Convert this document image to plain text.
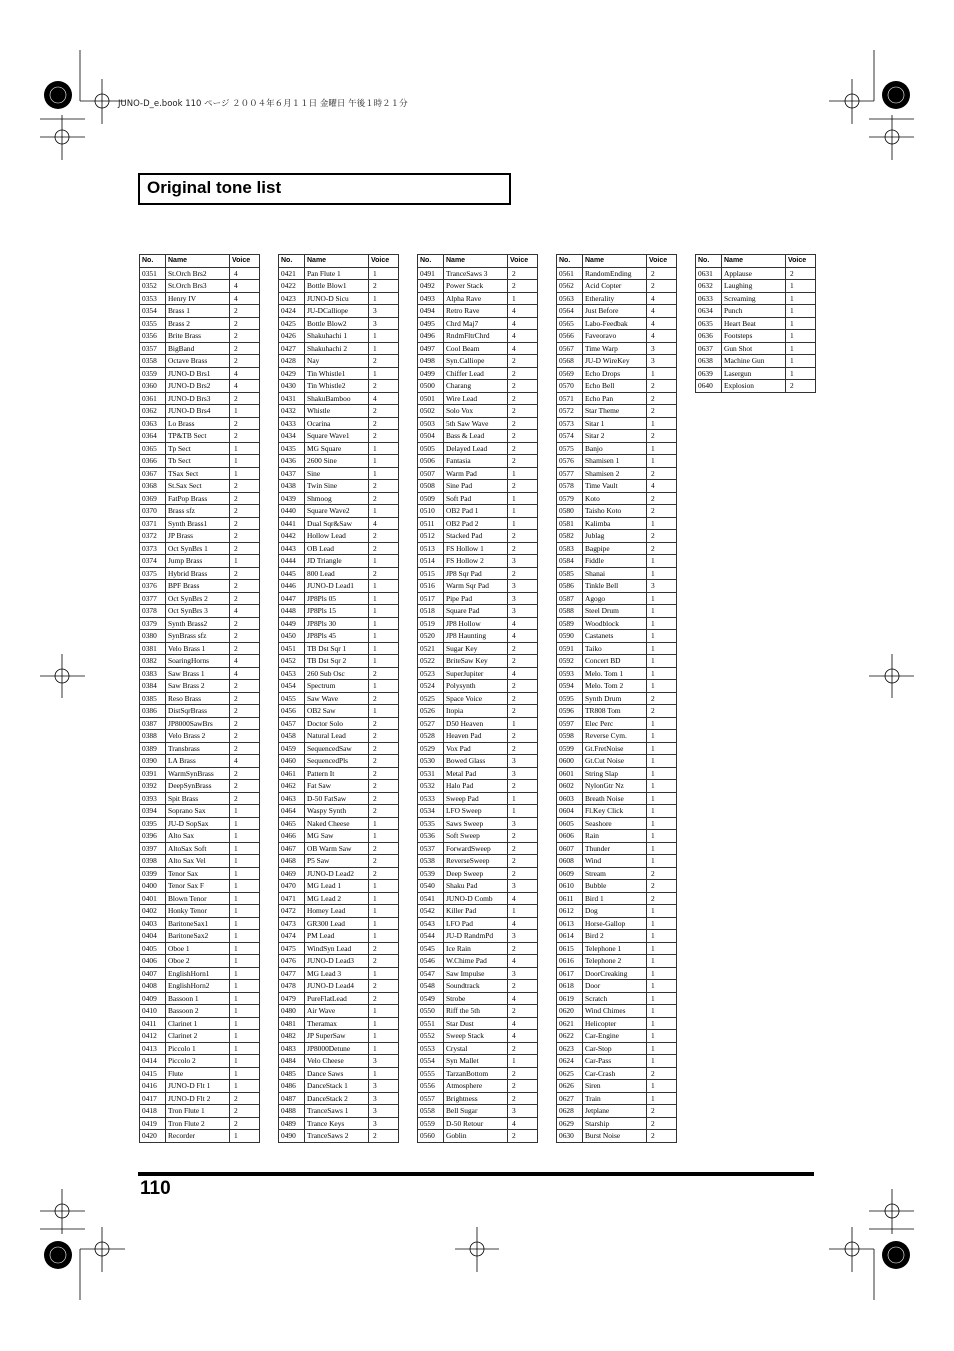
JUNO-D_e.book 110 ページ ２００４年６月１１日 金曜日 午後１時２１分
Original tone list
No.	Name	Voice
0351	St.Orch Brs2	4
0352	St.Orch Brs3	4
0353	Henry IV	4
0354	Brass 1	2
0355	Brass 2	2
0356	Brite Brass	2
0357	BigBand	2
0358	Octave Brass	2
0359	JUNO-D Brs1	4
0360	JUNO-D Brs2	4
0361	JUNO-D Brs3	2
0362	JUNO-D Brs4	1
0363	Lo Brass	2
0364	TP&TB Sect	2
0365	Tp Sect	1
0366	Tb Sect	1
0367	TSax Sect	1
0368	St.Sax Sect	2
0369	FatPop Brass	2
0370	Brass sfz	2
0371	Synth Brass1	2
0372	JP Brass	2
0373	Oct SynBrs 1	2
0374	Jump Brass	1
0375	Hybrid Brass	2
0376	BPF Brass	2
0377	Oct SynBrs 2	2
0378	Oct SynBrs 3	4
0379	Synth Brass2	2
0380	SynBrass sfz	2
0381	Velo Brass 1	2
0382	SoaringHorns	4
0383	Saw Brass 1	4
0384	Saw Brass 2	2
0385	Reso Brass	2
0386	DistSqrBrass	2
0387	JP8000SawBrs	2
0388	Velo Brass 2	2
0389	Transbrass	2
0390	LA Brass	4
0391	WarmSynBrass	2
0392	DeepSynBrass	2
0393	Spit Brass	2
0394	Soprano Sax	1
0395	JU-D SopSax	1
0396	Alto Sax	1
0397	AltoSax Soft	1
0398	Alto Sax Vel	1
0399	Tenor Sax	1
0400	Tenor Sax F	1
0401	Blown Tenor	1
0402	Honky Tenor	1
0403	BaritoneSax1	1
0404	BaritoneSax2	1
0405	Oboe 1	1
0406	Oboe 2	1
0407	EnglishHorn1	1
0408	EnglishHorn2	1
0409	Bassoon 1	1
0410	Bassoon 2	1
0411	Clarinet 1	1
0412	Clarinet 2	1
0413	Piccolo 1	1
0414	Piccolo 2	1
0415	Flute	1
0416	JUNO-D Flt 1	1
0417	JUNO-D Flt 2	2
0418	Tron Flute 1	2
0419	Tron Flute 2	2
0420	Recorder	1
No.	Name	Voice
0421	Pan Flute 1	1
0422	Bottle Blow1	2
0423	JUNO-D Sicu	1
0424	JU-DCalliope	3
0425	Bottle Blow2	3
0426	Shakuhachi 1	1
0427	Shakuhachi 2	1
0428	Nay	2
0429	Tin Whistle1	1
0430	Tin Whistle2	2
0431	ShakuBamboo	4
0432	Whistle	2
0433	Ocarina	2
0434	Square Wave1	2
0435	MG Square	1
0436	2600 Sine	1
0437	Sine	1
0438	Twin Sine	2
0439	Shmoog	2
0440	Square Wave2	1
0441	Dual Sqr&Saw	4
0442	Hollow Lead	2
0443	OB Lead	2
0444	JD Triangle	1
0445	800 Lead	2
0446	JUNO-D Lead1	1
0447	JP8Pls 05	1
0448	JP8Pls 15	1
0449	JP8Pls 30	1
0450	JP8Pls 45	1
0451	TB Dst Sqr 1	1
0452	TB Dst Sqr 2	1
0453	260 Sub Osc	2
0454	Spectrum	1
0455	Saw Wave	2
0456	OB2 Saw	1
0457	Doctor Solo	2
0458	Natural Lead	2
0459	SequencedSaw	2
0460	SequencedPls	2
0461	Pattern It	2
0462	Fat Saw	2
0463	D-50 FatSaw	2
0464	Waspy Synth	2
0465	Naked Cheese	1
0466	MG Saw	1
0467	OB Warm Saw	2
0468	P5 Saw	2
0469	JUNO-D Lead2	2
0470	MG Lead 1	1
0471	MG Lead 2	1
0472	Homey Lead	1
0473	GR300 Lead	1
0474	PM Lead	1
0475	WindSyn Lead	2
0476	JUNO-D Lead3	2
0477	MG Lead 3	1
0478	JUNO-D Lead4	2
0479	PureFlatLead	2
0480	Air Wave	1
0481	Theramax	1
0482	JP SuperSaw	1
0483	JP8000Detune	1
0484	Velo Cheese	3
0485	Dance Saws	1
0486	DanceStack 1	3
0487	DanceStack 2	3
0488	TranceSaws 1	3
0489	Trance Keys	3
0490	TranceSaws 2	2
No.	Name	Voice
0491	TranceSaws 3	2
0492	Power Stack	2
0493	Alpha Rave	1
0494	Retro Rave	4
0495	Chrd Maj7	4
0496	RndmFltrChrd	4
0497	Cool Beam	4
0498	Syn.Calliope	2
0499	Chiffer Lead	2
0500	Charang	2
0501	Wire Lead	2
0502	Solo Vox	2
0503	5th Saw Wave	2
0504	Bass & Lead	2
0505	Delayed Lead	2
0506	Fantasia	2
0507	Warm Pad	1
0508	Sine Pad	2
0509	Soft Pad	1
0510	OB2 Pad 1	1
0511	OB2 Pad 2	1
0512	Stacked Pad	2
0513	FS Hollow 1	2
0514	FS Hollow 2	3
0515	JP8 Sqr Pad	2
0516	Warm Sqr Pad	3
0517	Pipe Pad	3
0518	Square Pad	3
0519	JP8 Hollow	4
0520	JP8 Haunting	4
0521	Sugar Key	2
0522	BriteSaw Key	2
0523	SuperJupiter	4
0524	Polysynth	2
0525	Space Voice	2
0526	Itopia	2
0527	D50 Heaven	1
0528	Heaven Pad	2
0529	Vox Pad	2
0530	Bowed Glass	3
0531	Metal Pad	3
0532	Halo Pad	2
0533	Sweep Pad	1
0534	LFO Sweep	1
0535	Saws Sweep	3
0536	Soft Sweep	2
0537	ForwardSweep	2
0538	ReverseSweep	2
0539	Deep Sweep	2
0540	Shaku Pad	3
0541	JUNO-D Comb	4
0542	Killer Pad	1
0543	LFO Pad	4
0544	JU-D RandmPd	3
0545	Ice Rain	2
0546	W.Chime Pad	4
0547	Saw Impulse	3
0548	Soundtrack	2
0549	Strobe	4
0550	Riff the 5th	2
0551	Star Dust	4
0552	Sweep Stack	4
0553	Crystal	2
0554	Syn Mallet	1
0555	TarzanBottom	2
0556	Atmosphere	2
0557	Brightness	2
0558	Bell Sugar	3
0559	D-50 Retour	4
0560	Goblin	2
No.	Name	Voice
0561	RandomEnding	2
0562	Acid Copter	2
0563	Etherality	4
0564	Just Before	4
0565	Labo-Feedbak	4
0566	Faveoravo	4
0567	Time Warp	3
0568	JU-D WireKey	3
0569	Echo Drops	1
0570	Echo Bell	2
0571	Echo Pan	2
0572	Star Theme	2
0573	Sitar 1	1
0574	Sitar 2	2
0575	Banjo	1
0576	Shamisen 1	1
0577	Shamisen 2	2
0578	Time Vault	4
0579	Koto	2
0580	Taisho Koto	2
0581	Kalimba	1
0582	Jublag	2
0583	Bagpipe	2
0584	Fiddle	1
0585	Shanai	1
0586	Tinkle Bell	3
0587	Agogo	1
0588	Steel Drum	1
0589	Woodblock	1
0590	Castanets	1
0591	Taiko	1
0592	Concert BD	1
0593	Melo. Tom 1	1
0594	Melo. Tom 2	1
0595	Synth Drum	2
0596	TR808 Tom	2
0597	Elec Perc	1
0598	Reverse Cym.	1
0599	Gt.FretNoise	1
0600	Gt.Cut Noise	1
0601	String Slap	1
0602	NylonGtr Nz	1
0603	Breath Noise	1
0604	Fl.Key Click	1
0605	Seashore	1
0606	Rain	1
0607	Thunder	1
0608	Wind	1
0609	Stream	2
0610	Bubble	2
0611	Bird 1	2
0612	Dog	1
0613	Horse-Gallop	1
0614	Bird 2	1
0615	Telephone 1	1
0616	Telephone 2	1
0617	DoorCreaking	1
0618	Door	1
0619	Scratch	1
0620	Wind Chimes	1
0621	Helicopter	1
0622	Car-Engine	1
0623	Car-Stop	1
0624	Car-Pass	1
0625	Car-Crash	2
0626	Siren	1
0627	Train	1
0628	Jetplane	2
0629	Starship	2
0630	Burst Noise	2
No.	Name	Voice
0631	Applause	2
0632	Laughing	1
0633	Screaming	1
0634	Punch	1
0635	Heart Beat	1
0636	Footsteps	1
0637	Gun Shot	1
0638	Machine Gun	1
0639	Lasergun	1
0640	Explosion	2
110
